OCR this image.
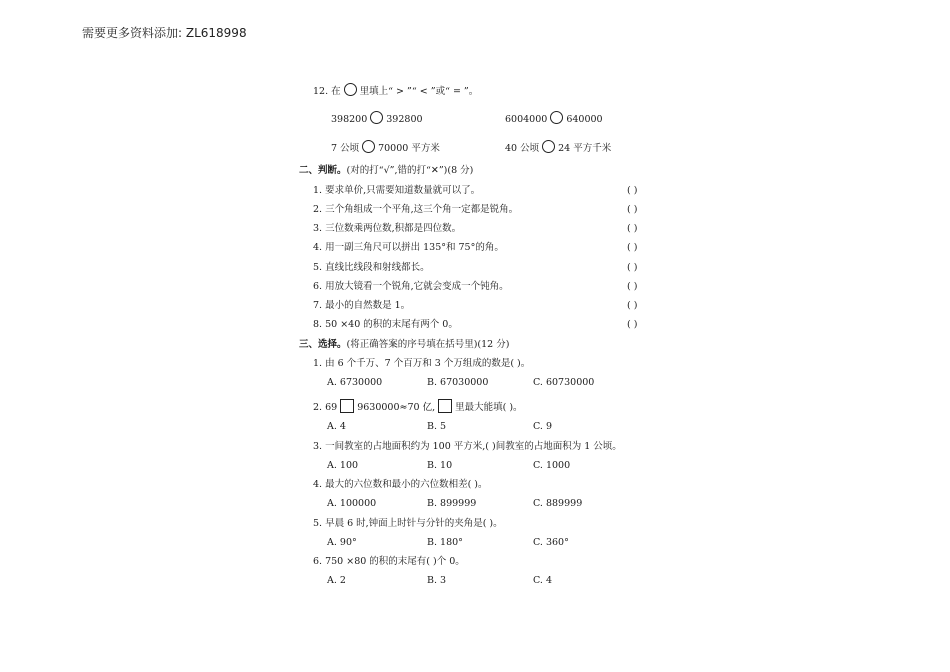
需要更多资料添加: ZL618998
12. 在 里填上“ > ”“ < ”或“ = ”。
398200 392800	6004000 640000
7 公顷 70000 平方米	40 公顷 24 平方千米
二、判断。(对的打“√”,错的打“✕”)(8 分)
1. 要求单价,只需要知道数量就可以了。	( )
2. 三个角组成一个平角,这三个角一定都是锐角。	( )
3. 三位数乘两位数,积都是四位数。	( )
4. 用一副三角尺可以拼出 135°和 75°的角。	( )
5. 直线比线段和射线都长。	( )
6. 用放大镜看一个锐角,它就会变成一个钝角。	( )
7. 最小的自然数是 1。	( )
8. 50 ×40 的积的末尾有两个 0。	( )
三、选择。(将正确答案的序号填在括号里)(12 分)
1. 由 6 个千万、7 个百万和 3 个万组成的数是( )。
A. 6730000	B. 67030000	C. 60730000
2. 69 9630000≈70 亿, 里最大能填( )。
A. 4	B. 5	C. 9
3. 一间教室的占地面积约为 100 平方米,( )间教室的占地面积为 1 公顷。
A. 100	B. 10	C. 1000
4. 最大的六位数和最小的六位数相差( )。
A. 100000	B. 899999	C. 889999
5. 早晨 6 时,钟面上时针与分针的夹角是( )。
A. 90°	B. 180°	C. 360°
6. 750 ×80 的积的末尾有( )个 0。
A. 2	B. 3	C. 4
